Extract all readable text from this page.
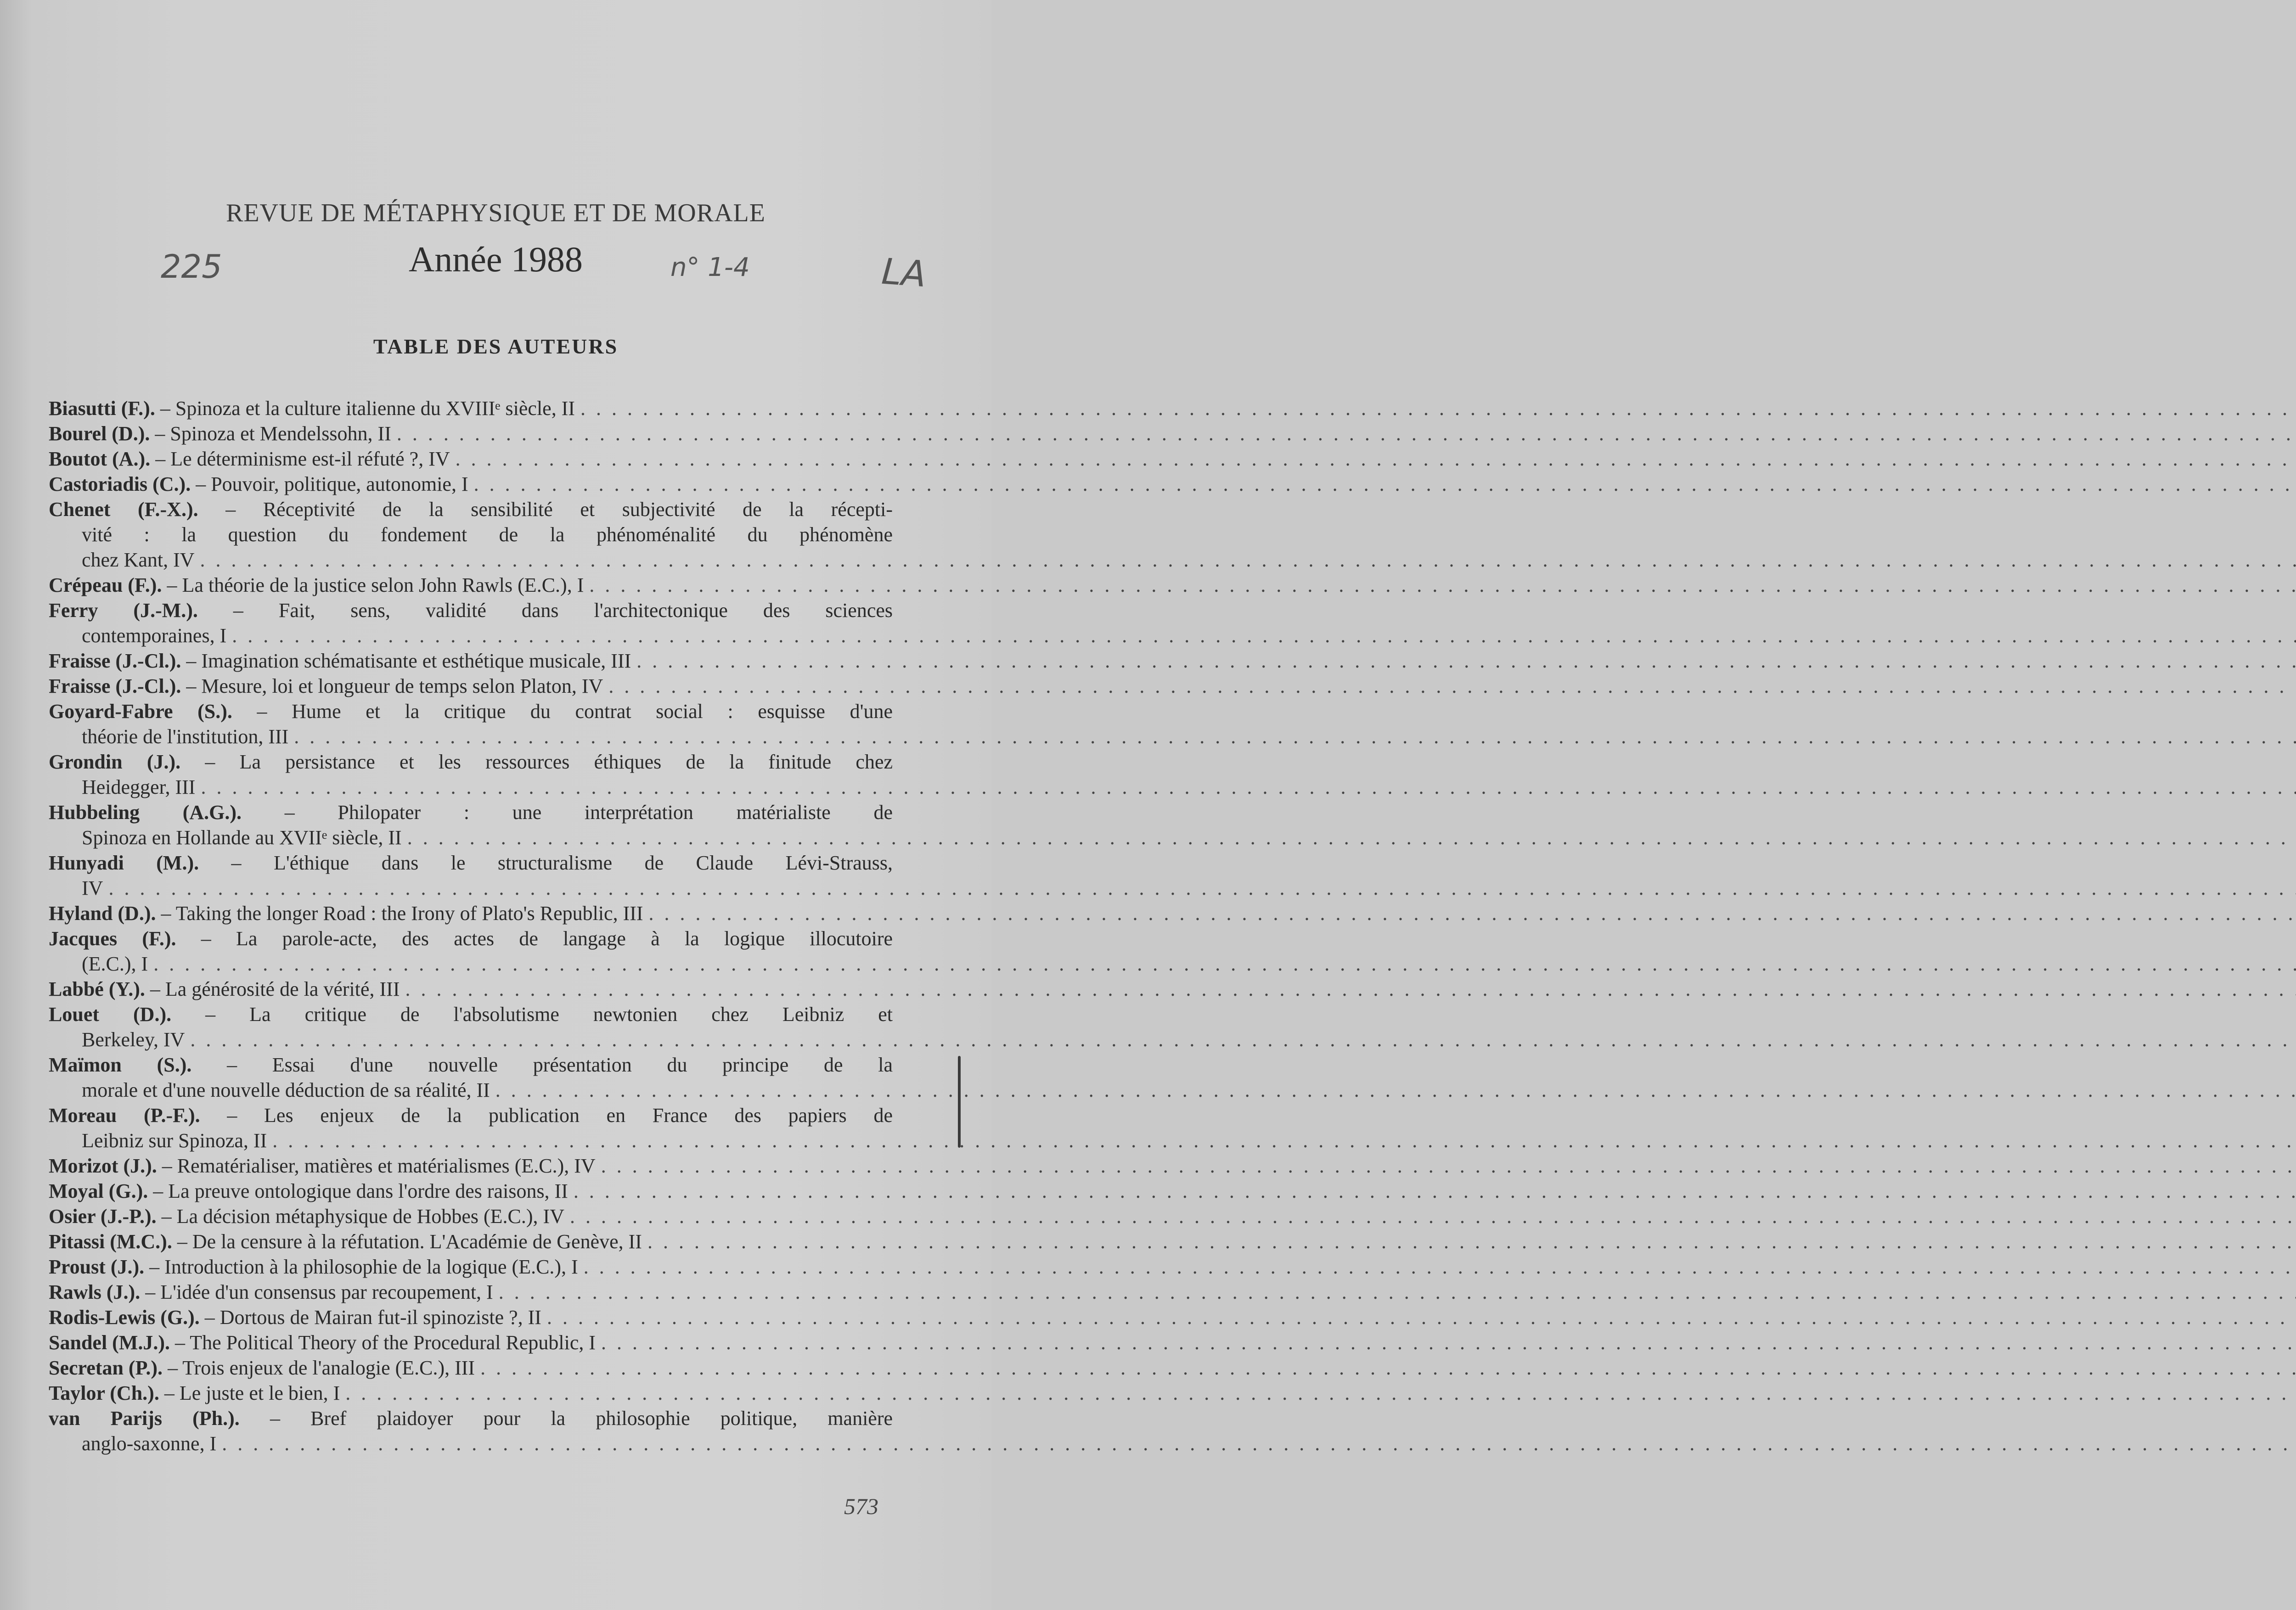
REVUE DE MÉTAPHYSIQUE ET DE MORALE
225	Année 1988	n° 1-4	LA
TABLE DES AUTEURS
Biasutti (F.). – Spinoza et la culture italienne du XVIIIᵉ siècle, II
. . .
Bourel (D.). – Spinoza et Mendelssohn, II
. . .
Boutot (A.). – Le déterminisme est-il réfuté ?, IV
. . .
Castoriadis (C.). – Pouvoir, politique, autonomie, I
. . .
Chenet (F.-X.). – Réceptivité de la sensibilité et subjectivité de la récepti-
vité : la question du fondement de la phénoménalité du phénomène
chez Kant, IV
. . .
Crépeau (F.). – La théorie de la justice selon John Rawls (E.C.), I
. . .
Ferry (J.-M.). – Fait, sens, validité dans l'architectonique des sciences
contemporaines, I
. . .
Fraisse (J.-Cl.). – Imagination schématisante et esthétique musicale, III
. . .
Fraisse (J.-Cl.). – Mesure, loi et longueur de temps selon Platon, IV
. . .
Goyard-Fabre (S.). – Hume et la critique du contrat social : esquisse d'une
théorie de l'institution, III
. . .
Grondin (J.). – La persistance et les ressources éthiques de la finitude chez
Heidegger, III
. . .
Hubbeling (A.G.). – Philopater : une interprétation matérialiste de
Spinoza en Hollande au XVIIᵉ siècle, II
. . .
Hunyadi (M.). – L'éthique dans le structuralisme de Claude Lévi-Strauss,
IV
. . .
Hyland (D.). – Taking the longer Road : the Irony of Plato's Republic, III
. . .
Jacques (F.). – La parole-acte, des actes de langage à la logique illocutoire
(E.C.), I
. . .
Labbé (Y.). – La générosité de la vérité, III
. . .
Louet (D.). – La critique de l'absolutisme newtonien chez Leibniz et
Berkeley, IV
. . .
Maïmon (S.). – Essai d'une nouvelle présentation du principe de la
morale et d'une nouvelle déduction de sa réalité, II
. . .
Moreau (P.-F.). – Les enjeux de la publication en France des papiers de
Leibniz sur Spinoza, II
. . .
Morizot (J.). – Rematérialiser, matières et matérialismes (E.C.), IV
. . .
Moyal (G.). – La preuve ontologique dans l'ordre des raisons, II
. . .
Osier (J.-P.). – La décision métaphysique de Hobbes (E.C.), IV
. . .
Pitassi (M.C.). – De la censure à la réfutation. L'Académie de Genève, II
. . .
Proust (J.). – Introduction à la philosophie de la logique (E.C.), I
. . .
Rawls (J.). – L'idée d'un consensus par recoupement, I
. . .
Rodis-Lewis (G.). – Dortous de Mairan fut-il spinoziste ?, II
. . .
Sandel (M.J.). – The Political Theory of the Procedural Republic, I
. . .
Secretan (P.). – Trois enjeux de l'analogie (E.C.), III
. . .
Taylor (Ch.). – Le juste et le bien, I
. . .
van Parijs (Ph.). – Bref plaidoyer pour la philosophie politique, manière
anglo-saxonne, I
. . .
573
